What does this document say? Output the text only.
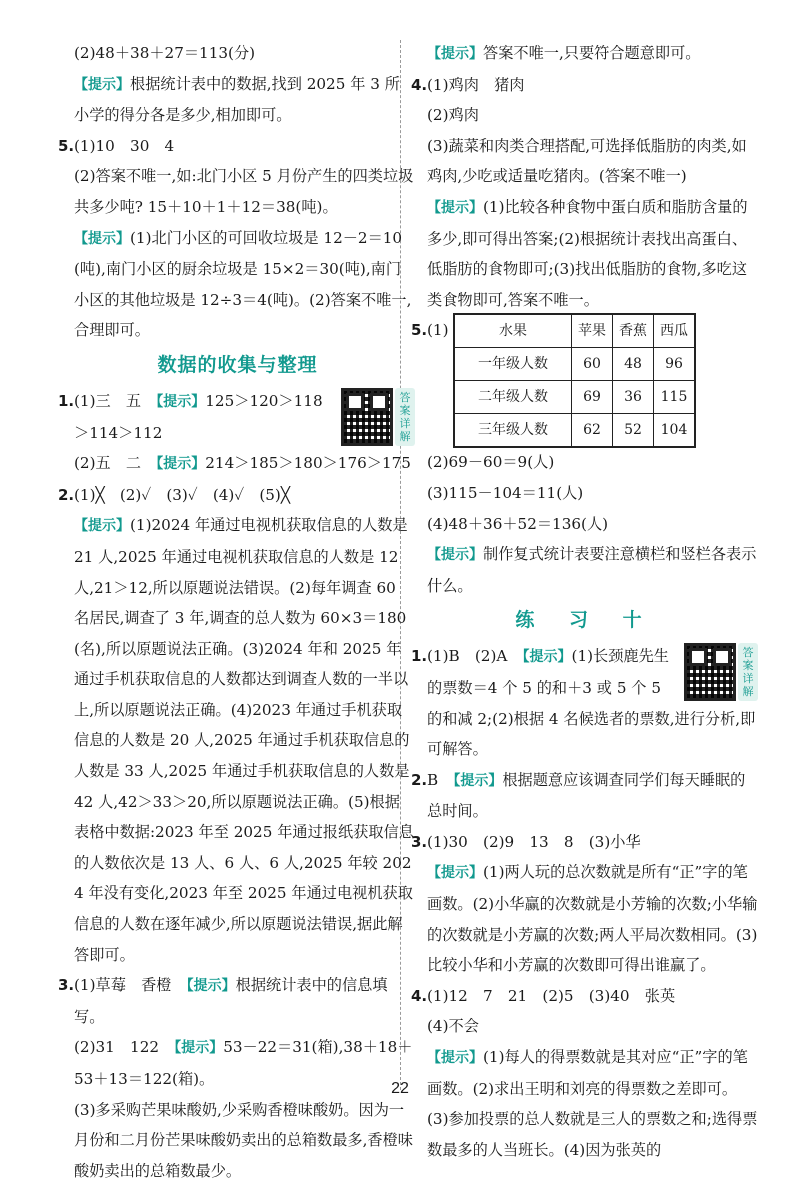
(2)48＋38＋27＝113(分)

【提示】根据统计表中的数据,找到 2025 年 3 所小学的得分各是多少,相加即可。

5.(1)10　30　4

(2)答案不唯一,如:北门小区 5 月份产生的四类垃圾共多少吨? 15＋10＋1＋12＝38(吨)。

【提示】(1)北门小区的可回收垃圾是 12－2＝10(吨),南门小区的厨余垃圾是 15×2＝30(吨),南门小区的其他垃圾是 12÷3＝4(吨)。(2)答案不唯一,合理即可。

数据的收集与整理
答案详解

1.(1)三　五　 【提示】125＞120＞118＞114＞112

(2)五　二　 【提示】214＞185＞180＞176＞175

2.(1)╳　(2)✓　(3)✓　(4)✓　(5)╳

【提示】(1)2024 年通过电视机获取信息的人数是 21 人,2025 年通过电视机获取信息的人数是 12 人,21＞12,所以原题说法错误。(2)每年调查 60 名居民,调查了 3 年,调查的总人数为 60×3＝180(名),所以原题说法正确。(3)2024 年和 2025 年通过手机获取信息的人数都达到调查人数的一半以上,所以原题说法正确。(4)2023 年通过手机获取信息的人数是 20 人,2025 年通过手机获取信息的人数是 33 人,2025 年通过手机获取信息的人数是 42 人,42＞33＞20,所以原题说法正确。(5)根据表格中数据:2023 年至 2025 年通过报纸获取信息的人数依次是 13 人、6 人、6 人,2025 年较 2024 年没有变化,2023 年至 2025 年通过电视机获取信息的人数在逐年减少,所以原题说法错误,据此解答即可。

3.(1)草莓　香橙　 【提示】根据统计表中的信息填写。

(2)31　122　 【提示】53－22＝31(箱),38＋18＋53＋13＝122(箱)。

(3)多采购芒果味酸奶,少采购香橙味酸奶。因为一月份和二月份芒果味酸奶卖出的总箱数最多,香橙味酸奶卖出的总箱数最少。

【提示】答案不唯一,只要符合题意即可。

4.(1)鸡肉　猪肉

(2)鸡肉

(3)蔬菜和肉类合理搭配,可选择低脂肪的肉类,如鸡肉,少吃或适量吃猪肉。(答案不唯一)

【提示】(1)比较各种食物中蛋白质和脂肪含量的多少,即可得出答案;(2)根据统计表找出高蛋白、低脂肪的食物即可;(3)找出低脂肪的食物,多吃这类食物即可,答案不唯一。

5.(1)	水果	苹果	香蕉	西瓜
一年级人数	60	48	96
二年级人数	69	36	115
三年级人数	62	52	104

(2)69－60＝9(人)

(3)115－104＝11(人)

(4)48＋36＋52＝136(人)

【提示】制作复式统计表要注意横栏和竖栏各表示什么。

练 习 十
答案详解

1.(1)B　(2)A　 【提示】(1)长颈鹿先生的票数＝4 个 5 的和＋3 或 5 个 5 的和减 2;(2)根据 4 名候选者的票数,进行分析,即可解答。

2.B　 【提示】根据题意应该调查同学们每天睡眠的总时间。

3.(1)30　(2)9　13　8　(3)小华

【提示】(1)两人玩的总次数就是所有“正”字的笔画数。(2)小华赢的次数就是小芳输的次数;小华输的次数就是小芳赢的次数;两人平局次数相同。(3)比较小华和小芳赢的次数即可得出谁赢了。

4.(1)12　7　21　(2)5　(3)40　张英

(4)不会

【提示】(1)每人的得票数就是其对应“正”字的笔画数。(2)求出王明和刘亮的得票数之差即可。(3)参加投票的总人数就是三人的票数之和;选得票数最多的人当班长。(4)因为张英的

22
